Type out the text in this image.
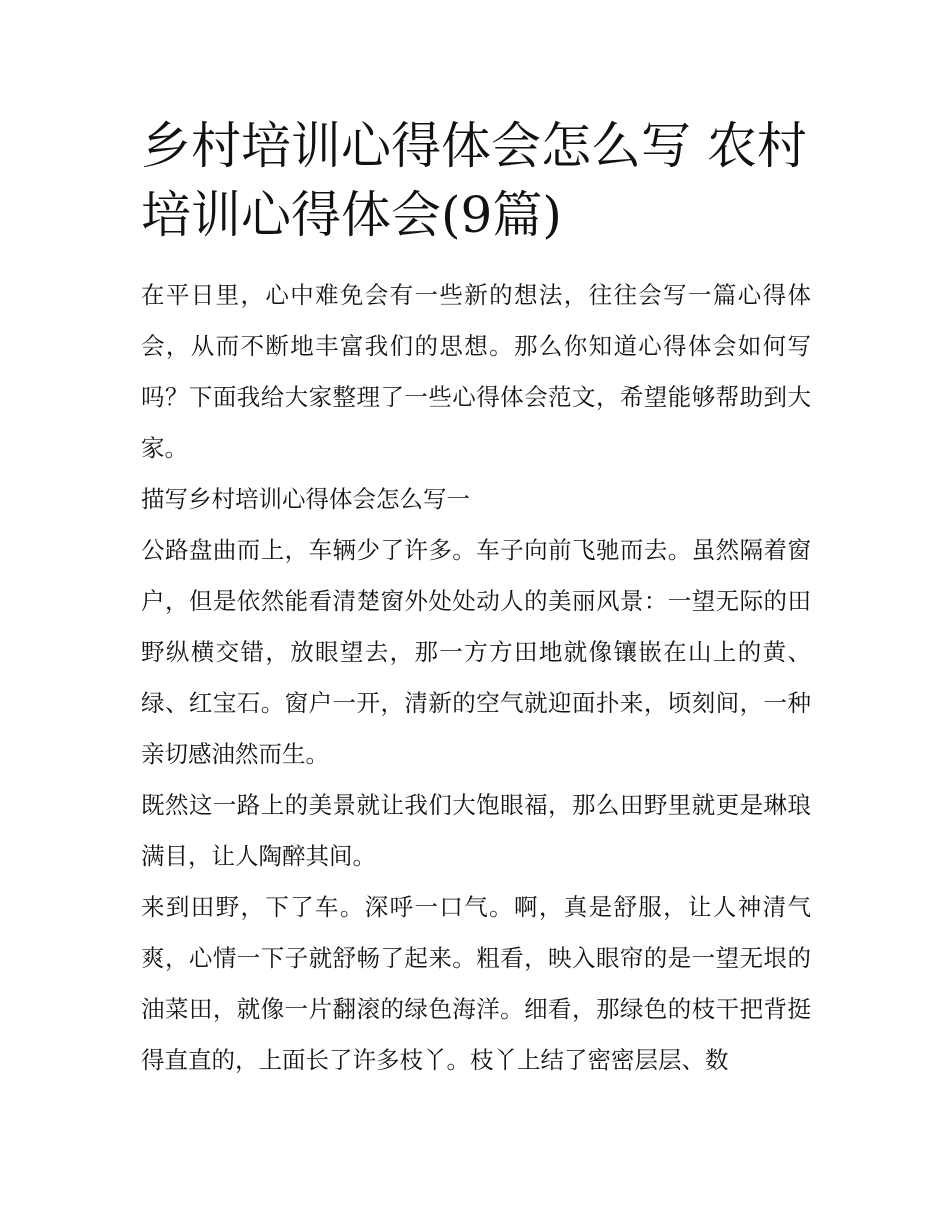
乡村培训心得体会怎么写 农村培训心得体会(9篇)

在平日里，心中难免会有一些新的想法，往往会写一篇心得体会，从而不断地丰富我们的思想。那么你知道心得体会如何写吗？下面我给大家整理了一些心得体会范文，希望能够帮助到大家。

描写乡村培训心得体会怎么写一

公路盘曲而上，车辆少了许多。车子向前飞驰而去。虽然隔着窗户，但是依然能看清楚窗外处处动人的美丽风景：一望无际的田野纵横交错，放眼望去，那一方方田地就像镶嵌在山上的黄、绿、红宝石。窗户一开，清新的空气就迎面扑来，顷刻间，一种亲切感油然而生。

既然这一路上的美景就让我们大饱眼福，那么田野里就更是琳琅满目，让人陶醉其间。

来到田野，下了车。深呼一口气。啊，真是舒服，让人神清气爽，心情一下子就舒畅了起来。粗看，映入眼帘的是一望无垠的油菜田，就像一片翻滚的绿色海洋。细看，那绿色的枝干把背挺得直直的，上面长了许多枝丫。枝丫上结了密密层层、数
